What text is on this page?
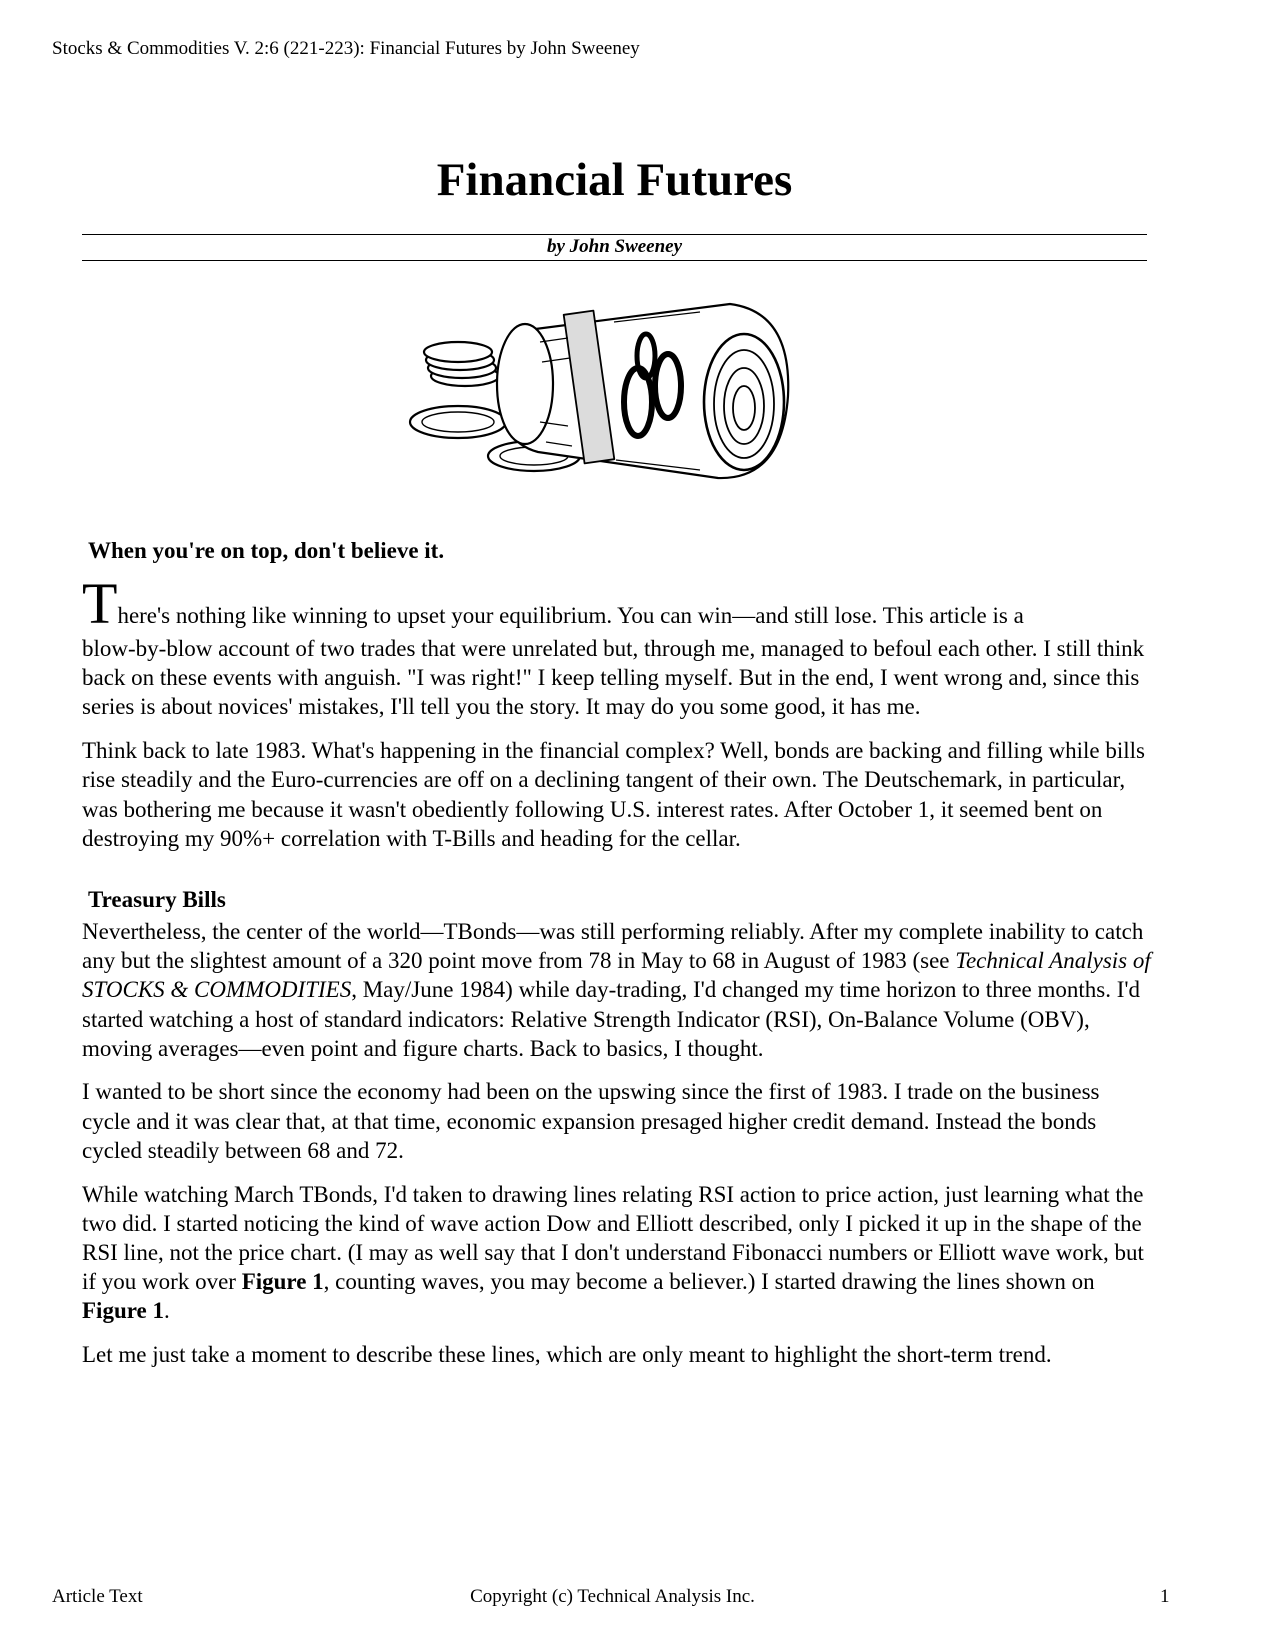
Stocks & Commodities V. 2:6 (221-223): Financial Futures by John Sweeney
Financial Futures
by John Sweeney
When you're on top, don't believe it.

There's nothing like winning to upset your equilibrium. You can win—and still lose. This article is a
blow-by-blow account of two trades that were unrelated but, through me, managed to befoul each other. I still think back on these events with anguish. "I was right!" I keep telling myself. But in the end, I went wrong and, since this series is about novices' mistakes, I'll tell you the story. It may do you some good, it has me.

Think back to late 1983. What's happening in the financial complex? Well, bonds are backing and filling while bills rise steadily and the Euro-currencies are off on a declining tangent of their own. The Deutschemark, in particular, was bothering me because it wasn't obediently following U.S. interest rates. After October 1, it seemed bent on destroying my 90%+ correlation with T-Bills and heading for the cellar.

Treasury Bills

Nevertheless, the center of the world—TBonds—was still performing reliably. After my complete inability to catch any but the slightest amount of a 320 point move from 78 in May to 68 in August of 1983 (see Technical Analysis of STOCKS & COMMODITIES, May/June 1984) while day-trading, I'd changed my time horizon to three months. I'd started watching a host of standard indicators: Relative Strength Indicator (RSI), On-Balance Volume (OBV), moving averages—even point and figure charts. Back to basics, I thought.

I wanted to be short since the economy had been on the upswing since the first of 1983. I trade on the business cycle and it was clear that, at that time, economic expansion presaged higher credit demand. Instead the bonds cycled steadily between 68 and 72.

While watching March TBonds, I'd taken to drawing lines relating RSI action to price action, just learning what the two did. I started noticing the kind of wave action Dow and Elliott described, only I picked it up in the shape of the RSI line, not the price chart. (I may as well say that I don't understand Fibonacci numbers or Elliott wave work, but if you work over Figure 1, counting waves, you may become a believer.) I started drawing the lines shown on Figure 1.

Let me just take a moment to describe these lines, which are only meant to highlight the short-term trend.

Article Text	Copyright (c) Technical Analysis Inc.	1
